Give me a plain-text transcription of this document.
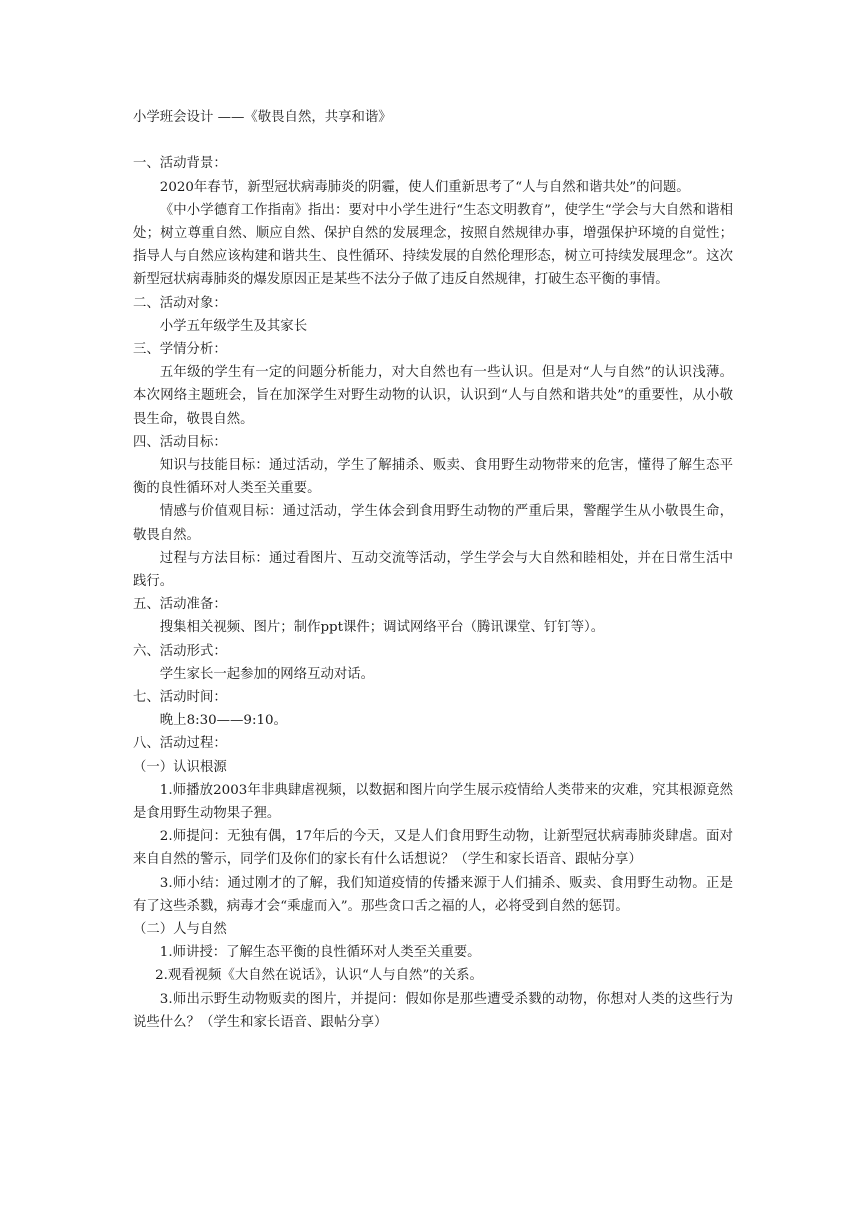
小学班会设计 ——《敬畏自然，共享和谐》

一、活动背景：

2020年春节，新型冠状病毒肺炎的阴霾，使人们重新思考了“人与自然和谐共处”的问题。

《中小学德育工作指南》指出：要对中小学生进行“生态文明教育”，使学生“学会与大自然和谐相处；树立尊重自然、顺应自然、保护自然的发展理念，按照自然规律办事，增强保护环境的自觉性；指导人与自然应该构建和谐共生、良性循环、持续发展的自然伦理形态，树立可持续发展理念”。这次新型冠状病毒肺炎的爆发原因正是某些不法分子做了违反自然规律，打破生态平衡的事情。

二、活动对象：

小学五年级学生及其家长

三、学情分析：

五年级的学生有一定的问题分析能力，对大自然也有一些认识。但是对“人与自然”的认识浅薄。本次网络主题班会，旨在加深学生对野生动物的认识，认识到“人与自然和谐共处”的重要性，从小敬畏生命，敬畏自然。

四、活动目标：

知识与技能目标：通过活动，学生了解捕杀、贩卖、食用野生动物带来的危害，懂得了解生态平衡的良性循环对人类至关重要。

情感与价值观目标：通过活动，学生体会到食用野生动物的严重后果，警醒学生从小敬畏生命，敬畏自然。

过程与方法目标：通过看图片、互动交流等活动，学生学会与大自然和睦相处，并在日常生活中践行。

五、活动准备：

搜集相关视频、图片；制作ppt课件；调试网络平台（腾讯课堂、钉钉等）。

六、活动形式：

学生家长一起参加的网络互动对话。

七、活动时间：

晚上8:30——9:10。

八、活动过程：

（一）认识根源

1.师播放2003年非典肆虐视频，以数据和图片向学生展示疫情给人类带来的灾难，究其根源竟然是食用野生动物果子狸。

2.师提问：无独有偶，17年后的今天，又是人们食用野生动物，让新型冠状病毒肺炎肆虐。面对来自自然的警示，同学们及你们的家长有什么话想说？（学生和家长语音、跟帖分享）

3.师小结：通过刚才的了解，我们知道疫情的传播来源于人们捕杀、贩卖、食用野生动物。正是有了这些杀戮，病毒才会“乘虚而入”。那些贪口舌之福的人，必将受到自然的惩罚。

（二）人与自然

1.师讲授：了解生态平衡的良性循环对人类至关重要。

2.观看视频《大自然在说话》，认识“人与自然”的关系。

3.师出示野生动物贩卖的图片，并提问：假如你是那些遭受杀戮的动物，你想对人类的这些行为说些什么？（学生和家长语音、跟帖分享）
